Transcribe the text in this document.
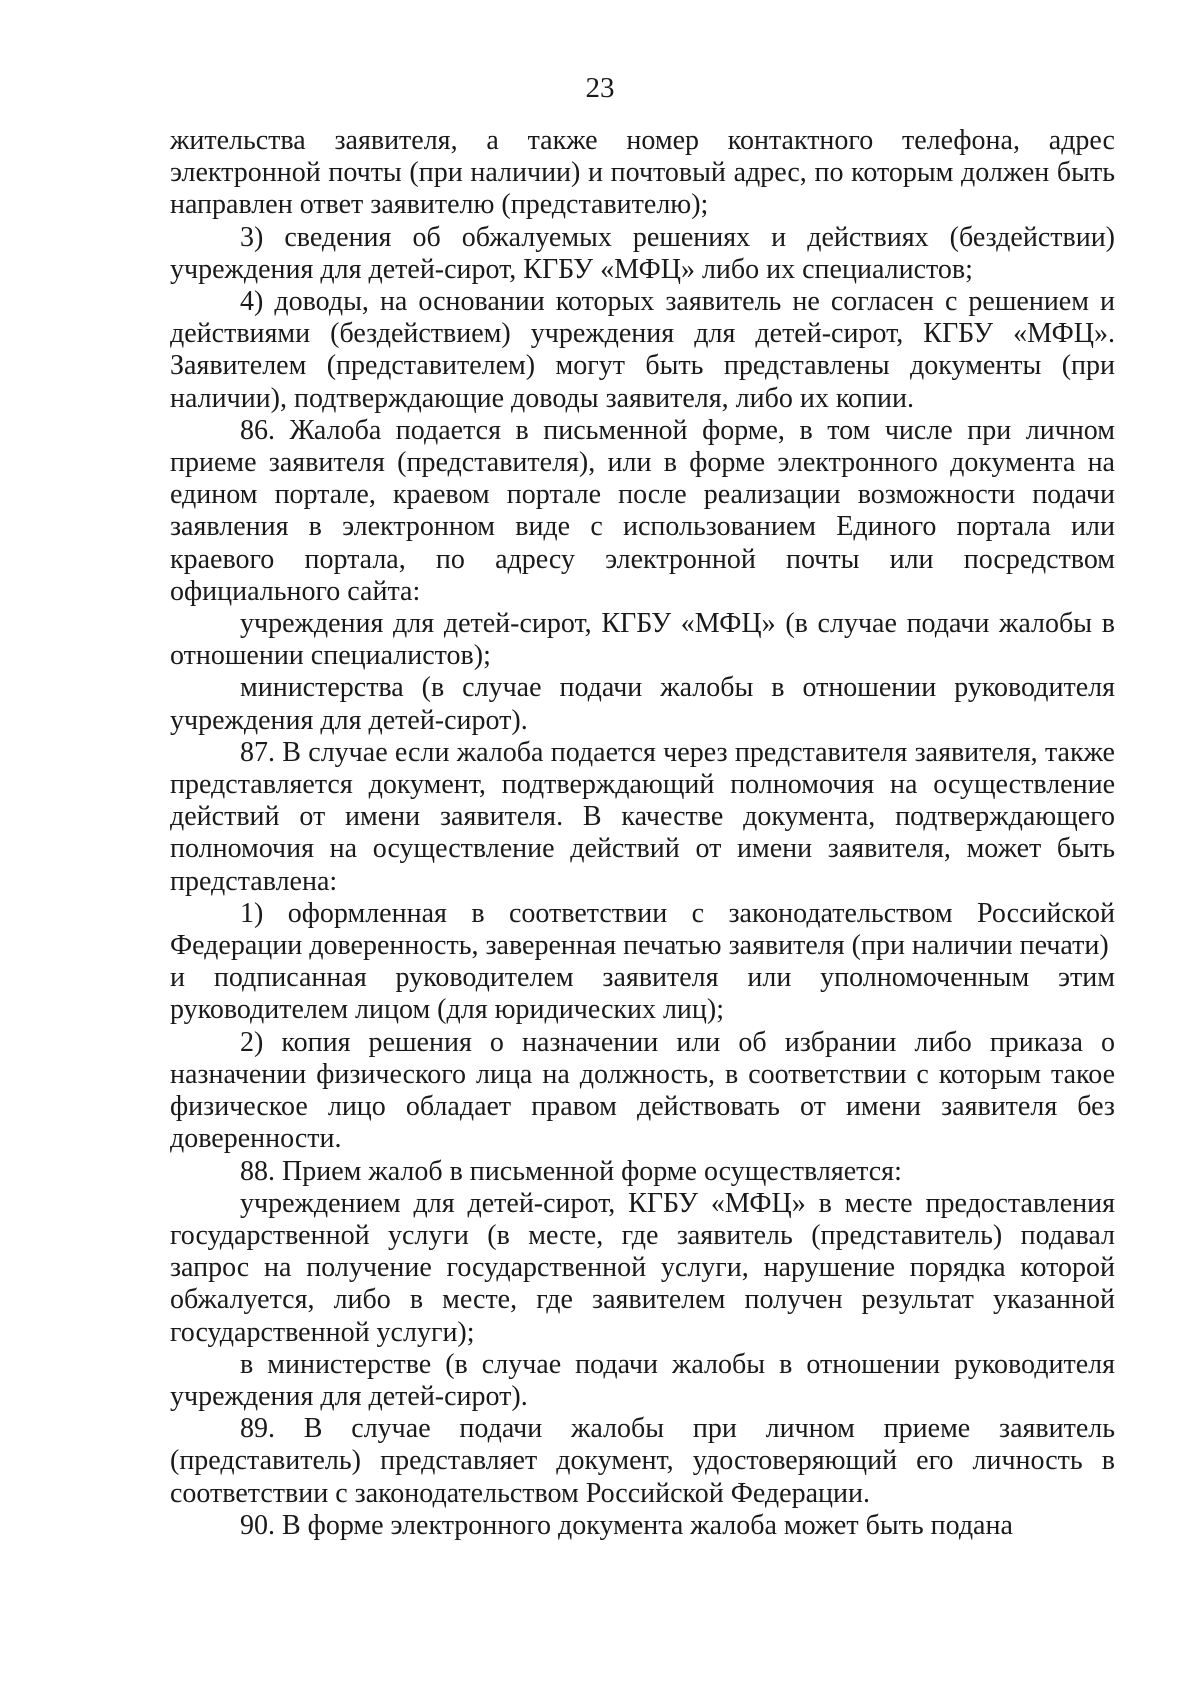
23

жительства заявителя, а также номер контактного телефона, адрес электронной почты (при наличии) и почтовый адрес, по которым должен быть направлен ответ заявителю (представителю);

3) сведения об обжалуемых решениях и действиях (бездействии) учреждения для детей-сирот, КГБУ «МФЦ» либо их специалистов;

4) доводы, на основании которых заявитель не согласен с решением и действиями (бездействием) учреждения для детей-сирот, КГБУ «МФЦ». Заявителем (представителем) могут быть представлены документы (при наличии), подтверждающие доводы заявителя, либо их копии.

86. Жалоба подается в письменной форме, в том числе при личном приеме заявителя (представителя), или в форме электронного документа на едином портале, краевом портале после реализации возможности подачи заявления в электронном виде с использованием Единого портала или краевого портала, по адресу электронной почты или посредством официального сайта:

учреждения для детей-сирот, КГБУ «МФЦ» (в случае подачи жалобы в отношении специалистов);

министерства (в случае подачи жалобы в отношении руководителя учреждения для детей-сирот).

87. В случае если жалоба подается через представителя заявителя, также представляется документ, подтверждающий полномочия на осуществление действий от имени заявителя. В качестве документа, подтверждающего полномочия на осуществление действий от имени заявителя, может быть представлена:

1) оформленная в соответствии с законодательством Российской Федерации доверенность, заверенная печатью заявителя (при наличии печати)

и подписанная руководителем заявителя или уполномоченным этим руководителем лицом (для юридических лиц);

2) копия решения о назначении или об избрании либо приказа о назначении физического лица на должность, в соответствии с которым такое физическое лицо обладает правом действовать от имени заявителя без доверенности.

88. Прием жалоб в письменной форме осуществляется:

учреждением для детей-сирот, КГБУ «МФЦ» в месте предоставления государственной услуги (в месте, где заявитель (представитель) подавал запрос на получение государственной услуги, нарушение порядка которой обжалуется, либо в месте, где заявителем получен результат указанной государственной услуги);

в министерстве (в случае подачи жалобы в отношении руководителя учреждения для детей-сирот).

89. В случае подачи жалобы при личном приеме заявитель (представитель) представляет документ, удостоверяющий его личность в соответствии с законодательством Российской Федерации.

90. В форме электронного документа жалоба может быть подана
